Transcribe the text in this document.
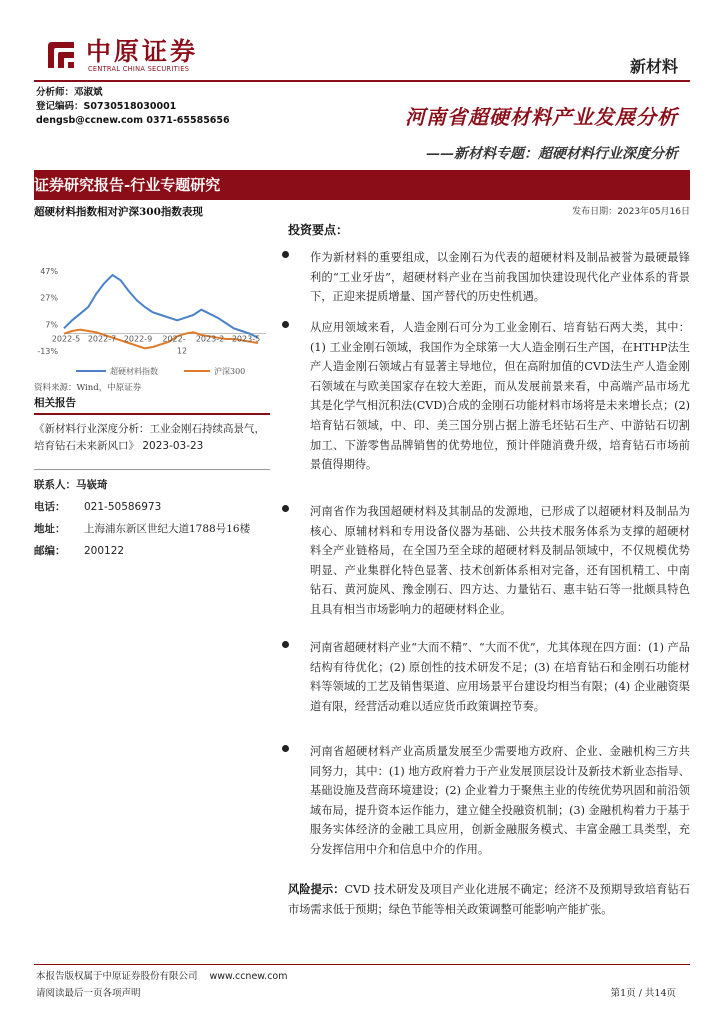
中原证券
CENTRAL CHINA SECURITIES	新材料
分析师：邓淑斌
登记编码：S0730518030001
dengsb@ccnew.com 0371-65585656	河南省超硬材料产业发展分析
——新材料专题：超硬材料行业深度分析
证券研究报告-行业专题研究
超硬材料指数相对沪深300指数表现
47%
27%
7%
-13%
2022-5 2022-7 2022-9 2022-
12
2023-2 2023-5
超硬材料指数	沪深300
资料来源：Wind，中原证券
相关报告
《新材料行业深度分析：工业金刚石持续高景气，培育钻石未来新风口》 2023-03-23
联系人： 马嵚琦
电话：	021-50586973
地址：	上海浦东新区世纪大道1788号16楼
邮编：	200122
发布日期：2023年05月16日
投资要点：
作为新材料的重要组成，以金刚石为代表的超硬材料及制品被誉为最硬最锋利的“工业牙齿”，超硬材料产业在当前我国加快建设现代化产业体系的背景下，正迎来提质增量、国产替代的历史性机遇。
从应用领域来看，人造金刚石可分为工业金刚石、培育钻石两大类，其中：(1) 工业金刚石领域，我国作为全球第一大人造金刚石生产国，在HTHP法生产人造金刚石领域占有显著主导地位，但在高附加值的CVD法生产人造金刚石领域在与欧美国家存在较大差距，而从发展前景来看，中高端产品市场尤其是化学气相沉积法(CVD)合成的金刚石功能材料市场将是未来增长点；(2) 培育钻石领域，中、印、美三国分别占据上游毛坯钻石生产、中游钻石切割加工、下游零售品牌销售的优势地位，预计伴随消费升级，培育钻石市场前景值得期待。
河南省作为我国超硬材料及其制品的发源地，已形成了以超硬材料及制品为核心、原辅材料和专用设备仪器为基础、公共技术服务体系为支撑的超硬材料全产业链格局，在全国乃至全球的超硬材料及制品领域中，不仅规模优势明显、产业集群化特色显著、技术创新体系相对完备，还有国机精工、中南钻石、黄河旋风、豫金刚石、四方达、力量钻石、惠丰钻石等一批颇具特色且具有相当市场影响力的超硬材料企业。
河南省超硬材料产业“大而不精”、“大而不优”，尤其体现在四方面：(1) 产品结构有待优化；(2) 原创性的技术研发不足；(3) 在培育钻石和金刚石功能材料等领域的工艺及销售渠道、应用场景平台建设均相当有限；(4) 企业融资渠道有限，经营活动难以适应货币政策调控节奏。
河南省超硬材料产业高质量发展至少需要地方政府、企业、金融机构三方共同努力，其中：(1) 地方政府着力于产业发展顶层设计及新技术新业态指导、基础设施及营商环境建设；(2) 企业着力于聚焦主业的传统优势巩固和前沿领域布局，提升资本运作能力，建立健全投融资机制；(3) 金融机构着力于基于服务实体经济的金融工具应用，创新金融服务模式、丰富金融工具类型，充分发挥信用中介和信息中介的作用。
风险提示：CVD 技术研发及项目产业化进展不确定；经济不及预期导致培育钻石市场需求低于预期；绿色节能等相关政策调整可能影响产能扩张。
本报告版权属于中原证券股份有限公司 www.ccnew.com
请阅读最后一页各项声明	第1页 / 共14页
